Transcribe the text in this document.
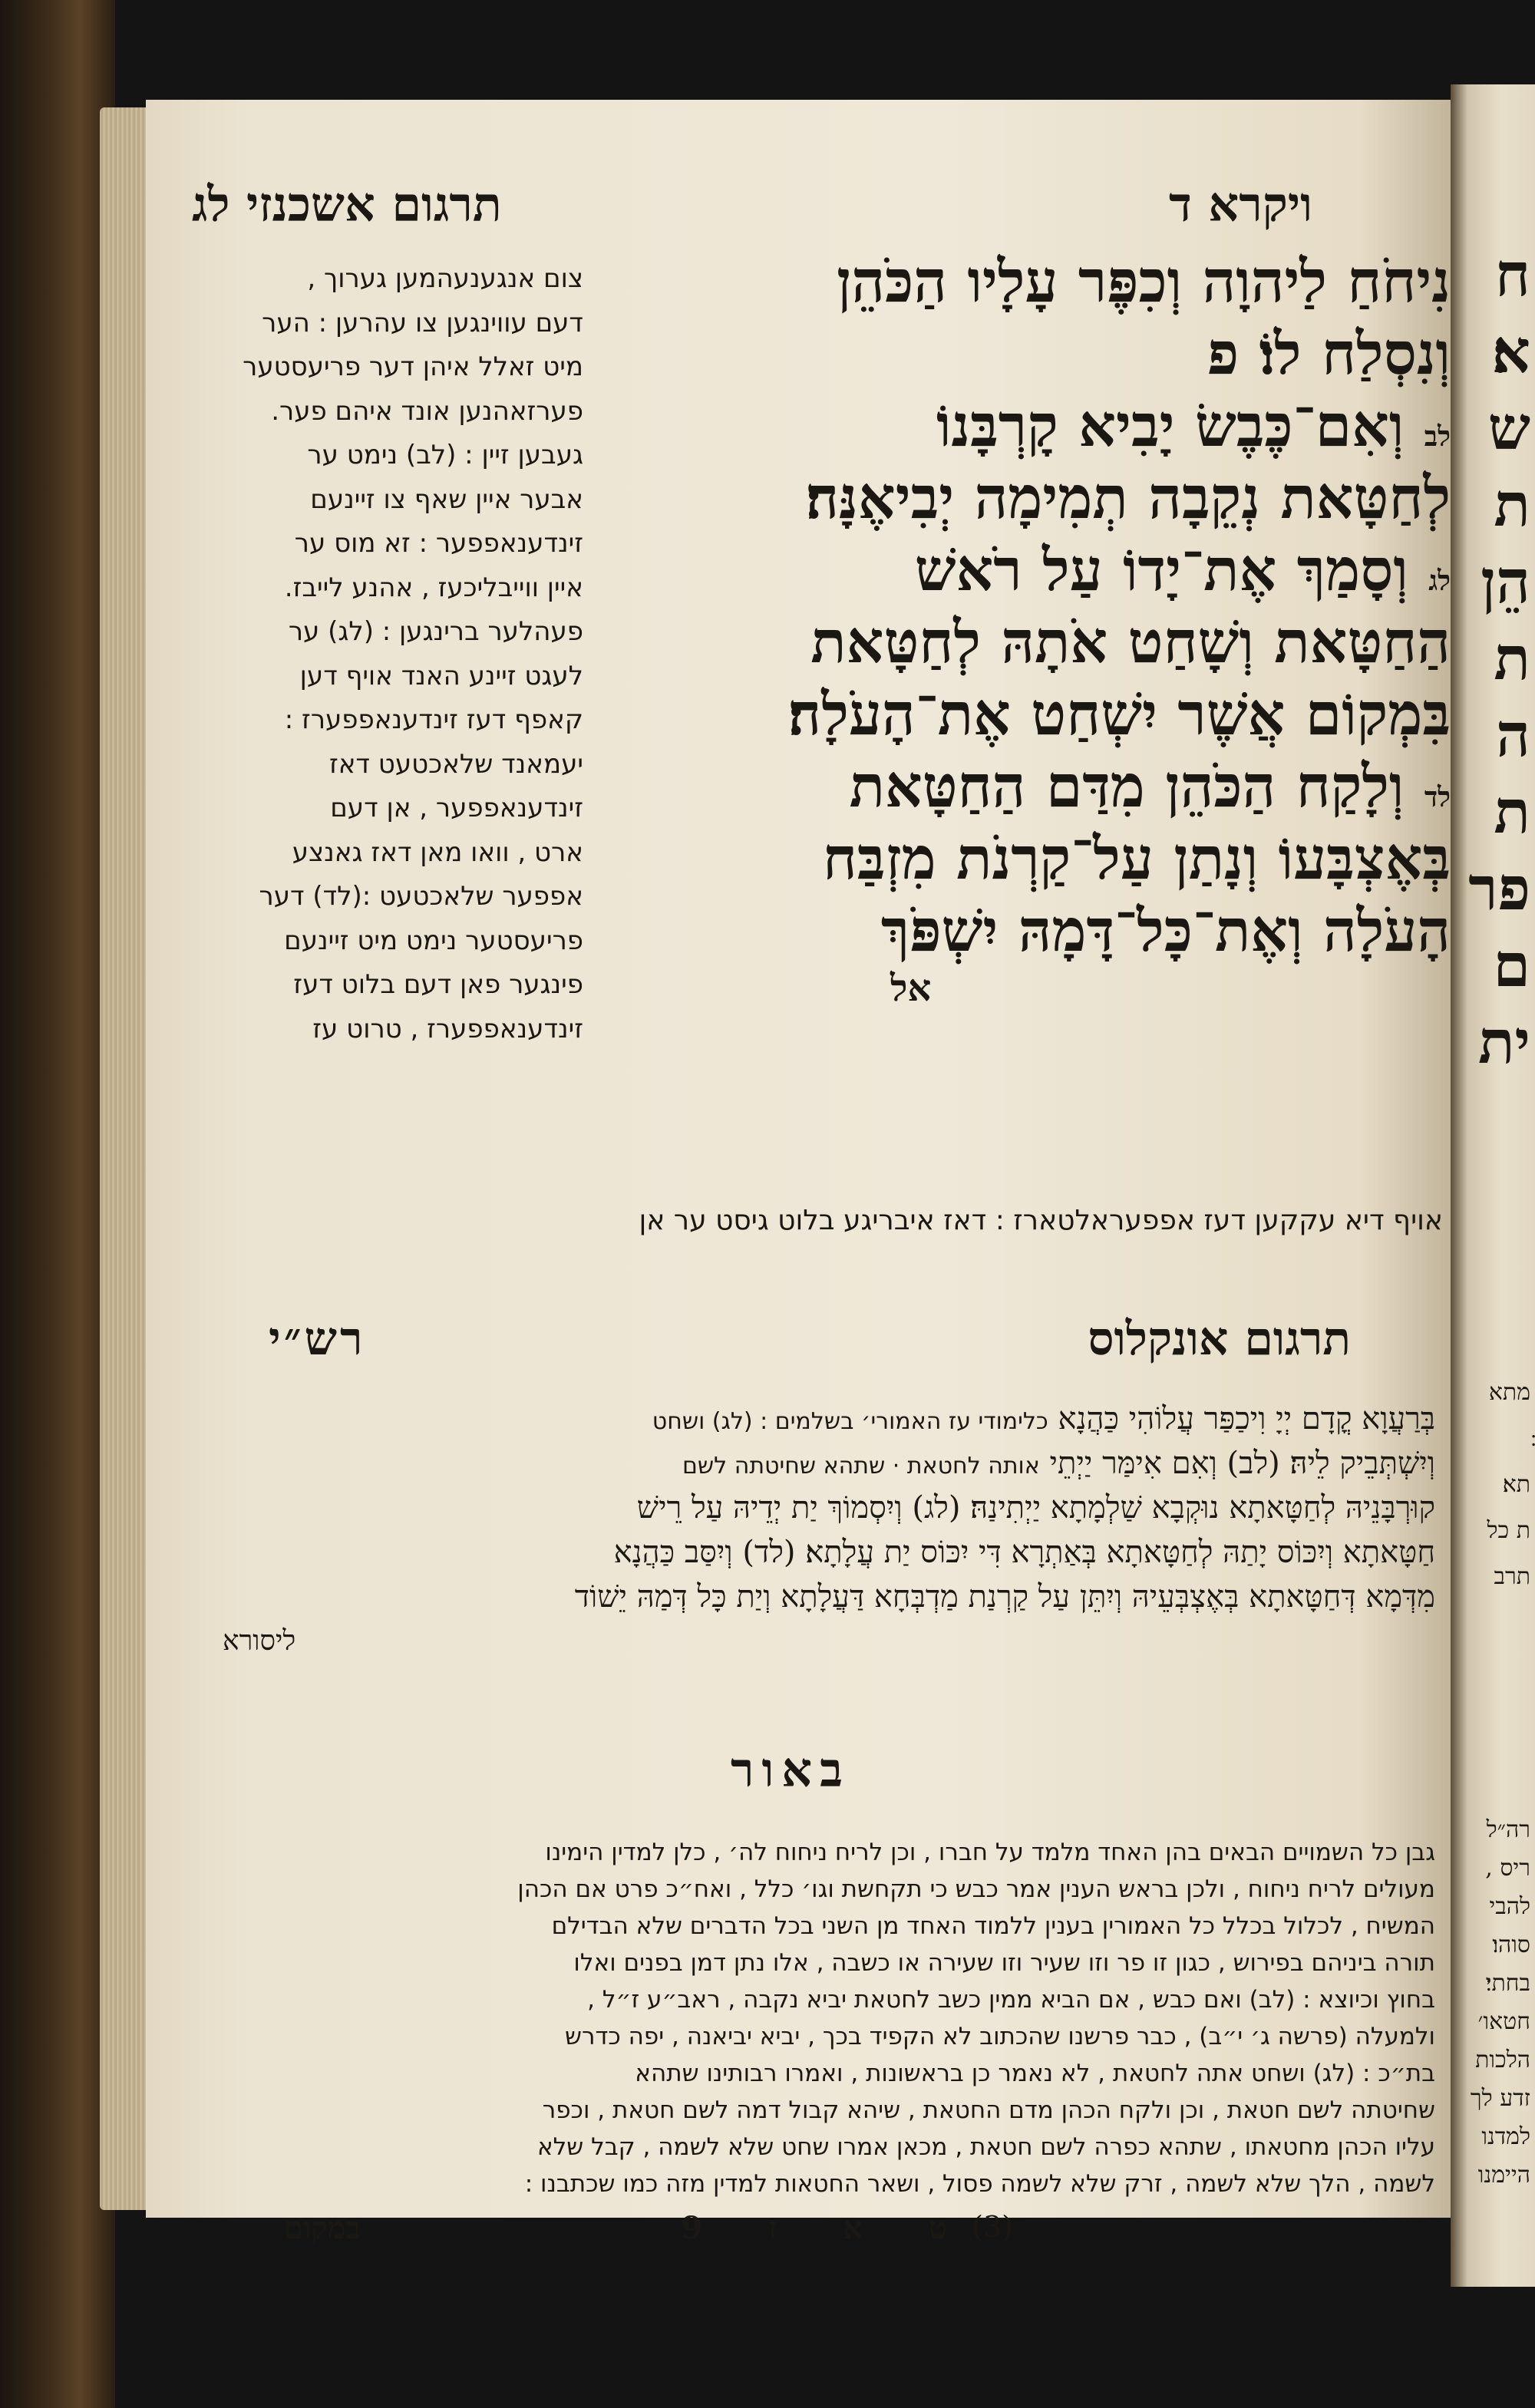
ויקרא ד
תרגום אשכנזי לג
נִיחֹחַ לַיהוָה וְכִפֶּר עָלָיו הַכֹּהֵן
וְנִסְלַח לוֹ׃ פ
לב וְאִם־כֶּבֶשׂ יָבִיא קָרְבָּנוֹ
לְחַטָּאת נְקֵבָה תְמִימָה יְבִיאֶנָּה׃
לג וְסָמַךְ אֶת־יָדוֹ עַל רֹאשׁ
הַחַטָּאת וְשָׁחַט אֹתָהּ לְחַטָּאת
בִּמְקוֹם אֲשֶׁר יִשְׁחַט אֶת־הָעֹלָה׃
לד וְלָקַח הַכֹּהֵן מִדַּם הַחַטָּאת
בְּאֶצְבָּעוֹ וְנָתַן עַל־קַרְנֹת מִזְבַּח
הָעֹלָה וְאֶת־כָּל־דָּמָהּ יִשְׁפֹּךְ
אל
צום אנגענעהמען גערוך ,
דעם עווינגען צו עהרען : הער
מיט זאלל איהן דער פריעסטער
פערזאהנען אונד איהם פער.
געבען זיין : (לב) נימט ער
אבער איין שאף צו זיינעם
זינדענאפפער : זא מוס ער
איין ווייבליכעז , אהנע לייבז.
פעהלער ברינגען : (לג) ער
לעגט זיינע האנד אויף דען
קאפף דעז זינדענאפפערז :
יעמאנד שלאכטעט דאז
זינדענאפפער , אן דעם
ארט , וואו מאן דאז גאנצע
אפפער שלאכטעט :(לד) דער
פריעסטער נימט מיט זיינעם
פינגער פאן דעם בלוט דעז
זינדענאפפערז , טרוט עז
אויף דיא עקקען דעז אפפעראלטארז : דאז איבריגע בלוט גיסט ער אן
תרגום אונקלוס
רש״י
בְּרַעֲוָא קֳדָם יְיָ וִיכַפַּר עֲלוֹהִי כַּהֲנָא כלימודי עז האמורי׳ בשלמים : (לג) ושחט
וְיִשְׁתְּבֵיק לֵיהּ׃ (לב) וְאִם אִימַּר יַיְתֵי אותה לחטאת · שתהא שחיטתה לשם
קוּרְבָּנֵיהּ לְחַטָּאתָא נוּקְבָא שַׁלְמָתָא יַיְתִינַהּ׃ (לג) וְיִסְמוֹךְ יַת יְדֵיהּ עַל רֵישׁ
חַטָּאתָא וְיִכּוֹס יָתַהּ לְחַטָּאתָא בְּאַתְרָא דִּי יִכּוֹס יַת עֲלָתָא׃ (לד) וְיִסַּב כַּהֲנָא
מִדְּמָא דְּחַטָּאתָא בְּאֶצְבְּעֵיהּ וְיִתֵּן עַל קַרְנַת מַדְבְּחָא דַּעֲלָתָא וְיַת כָּל דְּמַהּ יֵשׁוֹד
ליסורא
באור
גבן כל השמויים הבאים בהן האחד מלמד על חברו , וכן לריח ניחוח לה׳ , כלן למדין הימינו
מעולים לריח ניחוח , ולכן בראש הענין אמר כבש כי תקחשת וגו׳ כלל , ואח״כ פרט אם הכהן
המשיח , לכלול בכלל כל האמורין בענין ללמוד האחד מן השני בכל הדברים שלא הבדילם
תורה ביניהם בפירוש , כגון זו פר וזו שעיר וזו שעירה או כשבה , אלו נתן דמן בפנים ואלו
בחוץ וכיוצא : (לב) ואם כבש , אם הביא ממין כשב לחטאת יביא נקבה , ראב״ע ז״ל ,
ולמעלה (פרשה ג׳ י״ב) , כבר פרשנו שהכתוב לא הקפיד בכך , יביא יביאנה , יפה כדרש
בת״כ : (לג) ושחט אתה לחטאת , לא נאמר כן בראשונות , ואמרו רבותינו שתהא
שחיטתה לשם חטאת , וכן ולקח הכהן מדם החטאת , שיהא קבול דמה לשם חטאת , וכפר
עליו הכהן מחטאתו , שתהא כפרה לשם חטאת , מכאן אמרו שחט שלא לשמה , קבל שלא
לשמה , הלך שלא לשמה , זרק שלא לשמה פסול , ושאר החטאות למדין מזה כמו שכתבנו :
(3)
ט א ז 9
במקום
ח
א׃
ש
ת
הֵן
ת
ה
ת
פר
ם
ית
מתא
תא׃
ת כל
תרב
רה״ל
ריס ,
להבי
סוהו׃
בחתי׃
חטאו׳
הלכות
זדע לך
למדנו
היימנו
